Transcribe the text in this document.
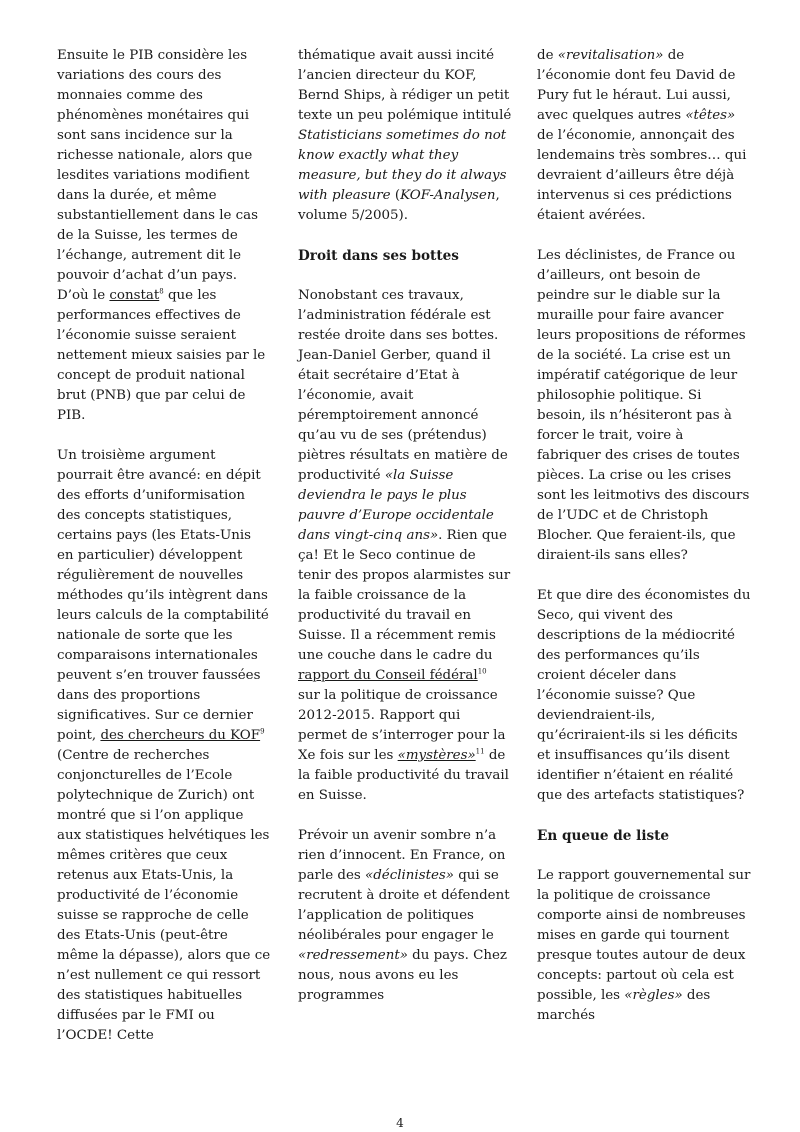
Ensuite le PIB considère les variations des cours des monnaies comme des phénomènes monétaires qui sont sans incidence sur la richesse nationale, alors que lesdites variations modifient dans la durée, et même substantiellement dans le cas de la Suisse, les termes de l’échange, autrement dit le pouvoir d’achat d’un pays. D’où le constat$^8$ que les performances effectives de l’économie suisse seraient nettement mieux saisies par le concept de produit national brut (PNB) que par celui de PIB.

Un troisième argument pourrait être avancé: en dépit des efforts d’uniformisation des concepts statistiques, certains pays (les Etats-Unis en particulier) développent régulièrement de nouvelles méthodes qu’ils intègrent dans leurs calculs de la comptabilité nationale de sorte que les comparaisons internationales peuvent s’en trouver faussées dans des proportions significatives. Sur ce dernier point, des chercheurs du KOF$^9$ (Centre de recherches conjoncturelles de l’Ecole polytechnique de Zurich) ont montré que si l’on applique aux statistiques helvétiques les mêmes critères que ceux retenus aux Etats-Unis, la productivité de l’économie suisse se rapproche de celle des Etats-Unis (peut-être même la dépasse), alors que ce n’est nullement ce qui ressort des statistiques habituelles diffusées par le FMI ou l’OCDE! Cette

thématique avait aussi incité l’ancien directeur du KOF, Bernd Ships, à rédiger un petit texte un peu polémique intitulé Statisticians sometimes do not know exactly what they measure, but they do it always with pleasure (KOF-Analysen, volume 5/2005).

Droit dans ses bottes

Nonobstant ces travaux, l’administration fédérale est restée droite dans ses bottes. Jean-Daniel Gerber, quand il était secrétaire d’Etat à l’économie, avait péremptoirement annoncé qu’au vu de ses (prétendus) piètres résultats en matière de productivité «la Suisse deviendra le pays le plus pauvre d’Europe occidentale dans vingt-cinq ans». Rien que ça! Et le Seco continue de tenir des propos alarmistes sur la faible croissance de la productivité du travail en Suisse. Il a récemment remis une couche dans le cadre du rapport du Conseil fédéral$^{10}$ sur la politique de croissance 2012-2015. Rapport qui permet de s’interroger pour la Xe fois sur les «mystères»$^{11}$ de la faible productivité du travail en Suisse.

Prévoir un avenir sombre n’a rien d’innocent. En France, on parle des «déclinistes» qui se recrutent à droite et défendent l’application de politiques néolibérales pour engager le «redressement» du pays. Chez nous, nous avons eu les programmes

de «revitalisation» de l’économie dont feu David de Pury fut le héraut. Lui aussi, avec quelques autres «têtes» de l’économie, annonçait des lendemains très sombres… qui devraient d’ailleurs être déjà intervenus si ces prédictions étaient avérées.

Les déclinistes, de France ou d’ailleurs, ont besoin de peindre sur le diable sur la muraille pour faire avancer leurs propositions de réformes de la société. La crise est un impératif catégorique de leur philosophie politique. Si besoin, ils n’hésiteront pas à forcer le trait, voire à fabriquer des crises de toutes pièces. La crise ou les crises sont les leitmotivs des discours de l’UDC et de Christoph Blocher. Que feraient-ils, que diraient-ils sans elles?

Et que dire des économistes du Seco, qui vivent des descriptions de la médiocrité des performances qu’ils croient déceler dans l’économie suisse? Que deviendraient-ils, qu’écriraient-ils si les déficits et insuffisances qu’ils disent identifier n’étaient en réalité que des artefacts statistiques?

En queue de liste

Le rapport gouvernemental sur la politique de croissance comporte ainsi de nombreuses mises en garde qui tournent presque toutes autour de deux concepts: partout où cela est possible, les «règles» des marchés

4
